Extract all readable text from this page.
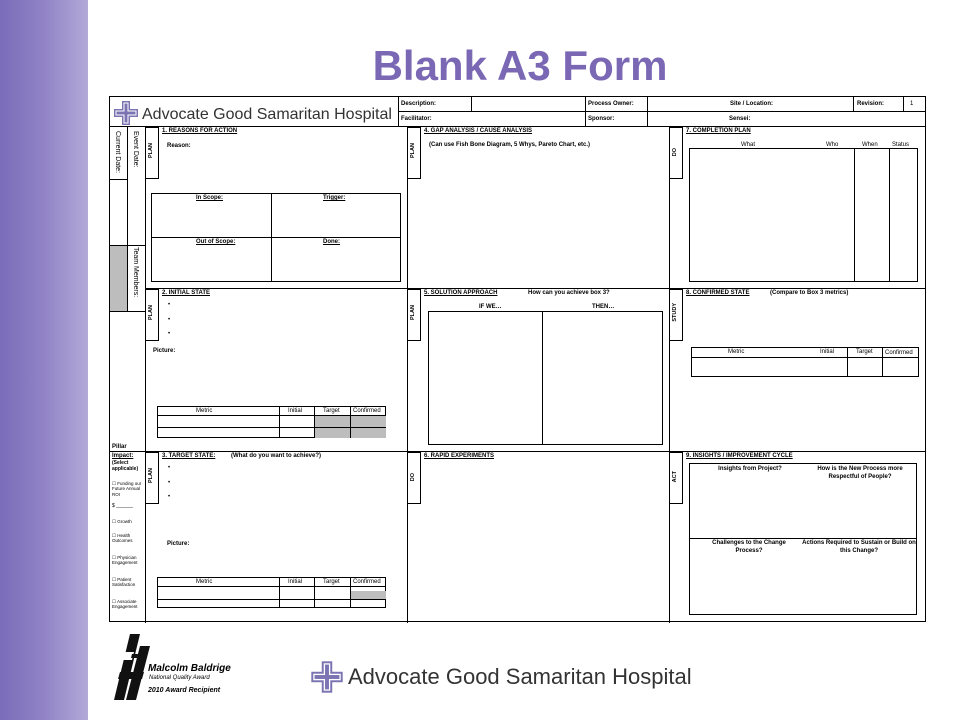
Blank A3 Form
Advocate Good Samaritan Hospital
Description:	Process Owner:	Site / Location:	Revision:	1
Facilitator:	Sponsor:	Sensei:
Current Date: Event Date:
Team Members:
Pillar
Impact:
(Select applicable)
☐ Funding our Future Annual ROI
$ ______
☐ Growth
☐ Health Outcomes
☐ Physician Engagement
☐ Patient Satisfaction
☐ Associate Engagement
PLAN
1. REASONS FOR ACTION
Reason:
In Scope:	Trigger:
Out of Scope:	Done:
PLAN
2. INITIAL STATE
•
•
•
Picture:
Metric	Initial	Target Confirmed
PLAN
3. TARGET STATE:	(What do you want to achieve?)
•
•
•
Picture:
Metric	Initial	Target Confirmed
PLAN
4. GAP ANALYSIS / CAUSE ANALYSIS
(Can use Fish Bone Diagram, 5 Whys, Pareto Chart, etc.)
PLAN
5. SOLUTION APPROACH	How can you achieve box 3?
IF WE…	THEN…
DO
6. RAPID EXPERIMENTS
DO
7. COMPLETION PLAN
What	Who	When Status
STUDY
8. CONFIRMED STATE	(Compare to Box 3 metrics)
Metric	Initial	Target Confirmed
ACT
9. INSIGHTS / IMPROVEMENT CYCLE
Insights from Project?	How is the New Process more Respectful of People?
Challenges to the Change Process?
Actions Required to Sustain or Build on this Change?
Malcolm Baldrige
National Quality Award
2010 Award Recipient
Advocate Good Samaritan Hospital
